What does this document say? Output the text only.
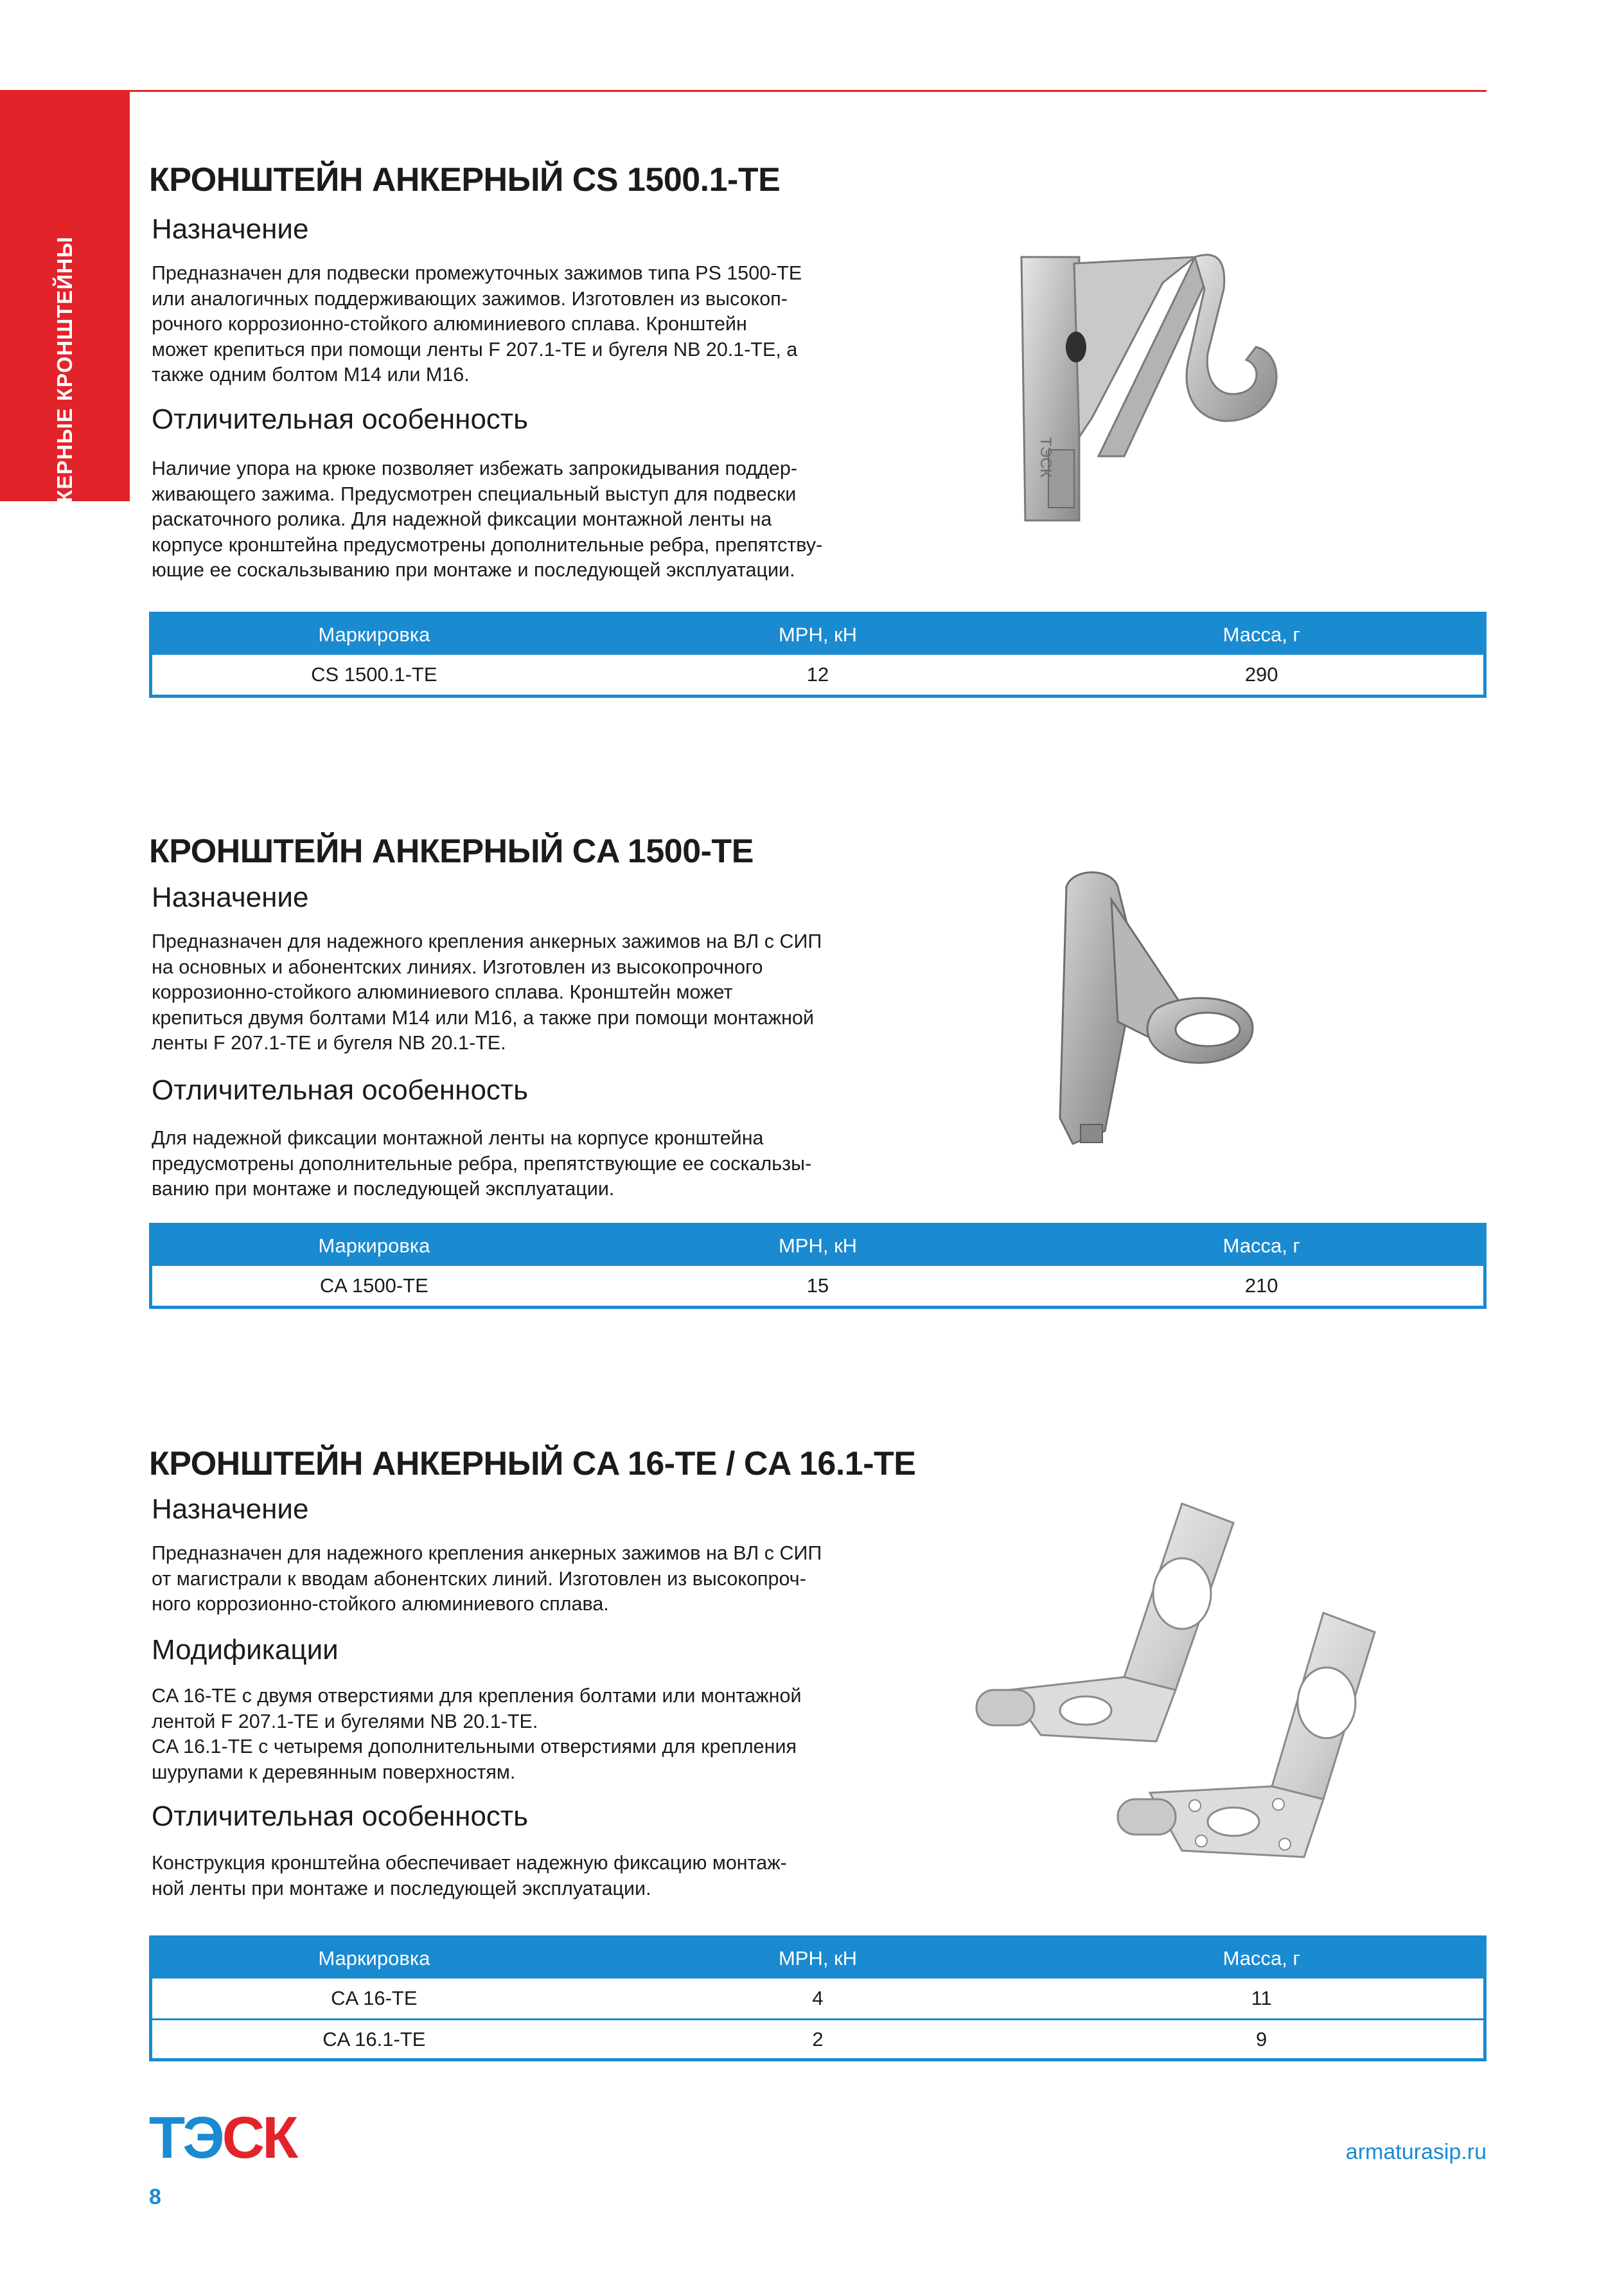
АНКЕРНЫЕ КРОНШТЕЙНЫ
КРОНШТЕЙН АНКЕРНЫЙ CS 1500.1-TE
Назначение
Предназначен для подвески промежуточных зажимов типа PS 1500-TE
или аналогичных поддерживающих зажимов. Изготовлен из высокоп-
рочного коррозионно-стойкого алюминиевого сплава. Кронштейн
может крепиться при помощи ленты F 207.1-TE и бугеля NB 20.1-TE, а
также одним болтом М14 или М16.
Отличительная особенность
Наличие упора на крюке позволяет избежать запрокидывания поддер-
живающего зажима. Предусмотрен специальный выступ для подвески
раскаточного ролика. Для надежной фиксации монтажной ленты на
корпусе кронштейна предусмотрены дополнительные ребра, препятству-
ющие ее соскальзыванию при монтаже и последующей эксплуатации.
Маркировка	МРН, кН	Масса, г
CS 1500.1-TE	12	290
ТЭСК
КРОНШТЕЙН АНКЕРНЫЙ CA 1500-TE
Назначение
Предназначен для надежного крепления анкерных зажимов на ВЛ с СИП
на основных и абонентских линиях. Изготовлен из высокопрочного
коррозионно-стойкого алюминиевого сплава. Кронштейн может
крепиться двумя болтами М14 или М16, а также при помощи монтажной
ленты F 207.1-TE и бугеля NB 20.1-TE.
Отличительная особенность
Для надежной фиксации монтажной ленты на корпусе кронштейна
предусмотрены дополнительные ребра, препятствующие ее соскальзы-
ванию при монтаже и последующей эксплуатации.
Маркировка	МРН, кН	Масса, г
CA 1500-TE	15	210
КРОНШТЕЙН АНКЕРНЫЙ CA 16-TE / CA 16.1-TE
Назначение
Предназначен для надежного крепления анкерных зажимов на ВЛ с СИП
от магистрали к вводам абонентских линий. Изготовлен из высокопроч-
ного коррозионно-стойкого алюминиевого сплава.
Модификации
CA 16-TE с двумя отверстиями для крепления болтами или монтажной
лентой F 207.1-TE и бугелями NB 20.1-TE.
CA 16.1-TE с четыремя дополнительными отверстиями для крепления
шурупами к деревянным поверхностям.
Отличительная особенность
Конструкция кронштейна обеспечивает надежную фиксацию монтаж-
ной ленты при монтаже и последующей эксплуатации.
Маркировка	МРН, кН	Масса, г
CA 16-TE	4	11
CA 16.1-TE	2	9
ТЭСК	armaturasip.ru
8
